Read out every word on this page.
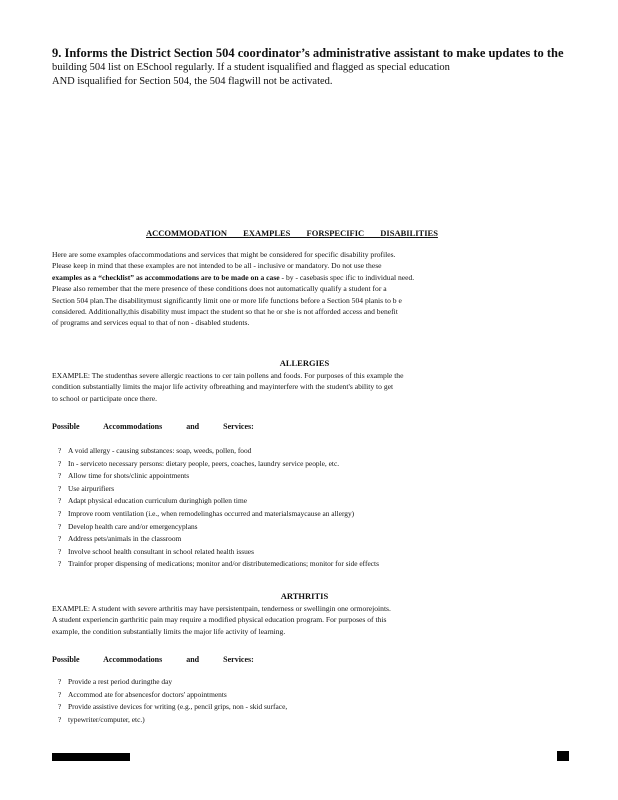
9. Informs the District Section 504 coordinator’s administrative assistant to make updates to the
building 504 list on ESchool regularly. If a student isqualified and flagged as special education
AND isqualified for Section 504, the 504 flagwill not be activated.
ACCOMMODATION EXAMPLES FORSPECIFIC DISABILITIES
Here are some examples ofaccommodations and services that might be considered for specific disability profiles.
Please keep in mind that these examples are not intended to be all - inclusive or mandatory. Do not use these
examples as a “checklist” as accommodations are to be made on a case - by - casebasis spec ific to individual need.
Please also remember that the mere presence of these conditions does not automatically qualify a student for a
Section 504 plan.The disabilitymust significantly limit one or more life functions before a Section 504 planis to b e
considered. Additionally,this disability must impact the student so that he or she is not afforded access and benefit
of programs and services equal to that of non - disabled students.
ALLERGIES
EXAMPLE: The studenthas severe allergic reactions to cer tain pollens and foods. For purposes of this example the
condition substantially limits the major life activity ofbreathing and mayinterfere with the student's ability to get
to school or participate once there.
Possible	Accommodations	and	Services:
? A void allergy - causing substances: soap, weeds, pollen, food
? In - serviceto necessary persons: dietary people, peers, coaches, laundry service people, etc.
? Allow time for shots/clinic appointments
? Use airpurifiers
? Adapt physical education curriculum duringhigh pollen time
? Improve room ventilation (i.e., when remodelinghas occurred and materialsmaycause an allergy)
? Develop health care and/or emergencyplans
? Address pets/animals in the classroom
? Involve school health consultant in school related health issues
? Trainfor proper dispensing of medications; monitor and/or distributemedications; monitor for side effects
ARTHRITIS
EXAMPLE: A student with severe arthritis may have persistentpain, tenderness or swellingin one ormorejoints.
A student experiencin garthritic pain may require a modified physical education program. For purposes of this
example, the condition substantially limits the major life activity of learning.
Possible	Accommodations	and	Services:
? Provide a rest period duringthe day
? Accommod ate for absencesfor doctors' appointments
? Provide assistive devices for writing (e.g., pencil grips, non - skid surface,
? typewriter/computer, etc.)
